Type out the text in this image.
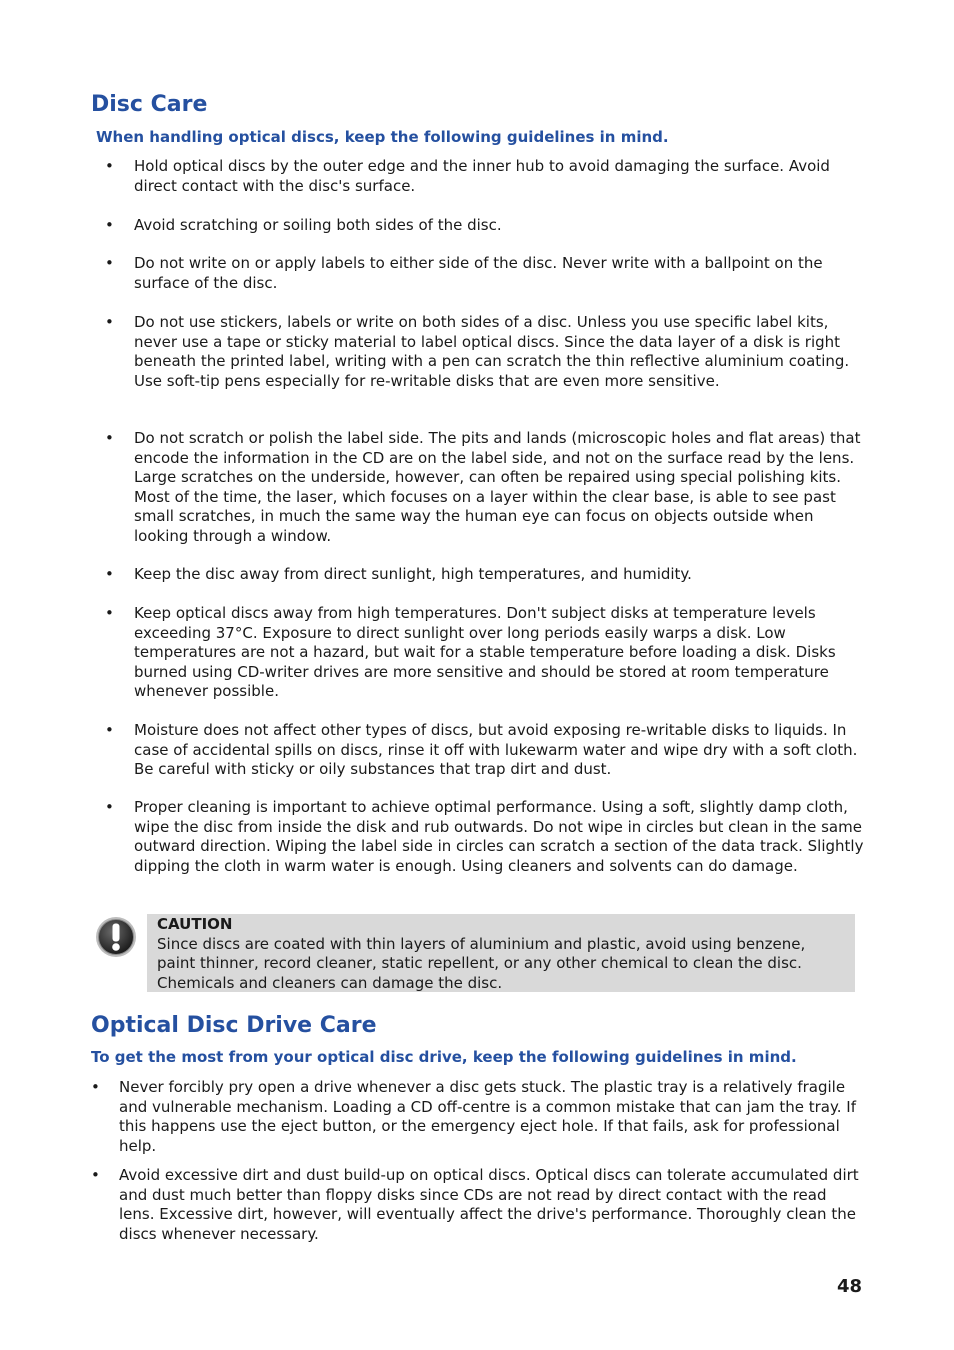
Disc Care

When handling optical discs, keep the following guidelines in mind.

• Hold optical discs by the outer edge and the inner hub to avoid damaging the surface. Avoid direct contact with the disc's surface.
• Avoid scratching or soiling both sides of the disc.
• Do not write on or apply labels to either side of the disc. Never write with a ballpoint on the surface of the disc.
• Do not use stickers, labels or write on both sides of a disc. Unless you use specific label kits, never use a tape or sticky material to label optical discs. Since the data layer of a disk is right beneath the printed label, writing with a pen can scratch the thin reflective aluminium coating. Use soft-tip pens especially for re-writable disks that are even more sensitive.
• Do not scratch or polish the label side. The pits and lands (microscopic holes and flat areas) that encode the information in the CD are on the label side, and not on the surface read by the lens. Large scratches on the underside, however, can often be repaired using special polishing kits. Most of the time, the laser, which focuses on a layer within the clear base, is able to see past small scratches, in much the same way the human eye can focus on objects outside when looking through a window.
• Keep the disc away from direct sunlight, high temperatures, and humidity.
• Keep optical discs away from high temperatures. Don't subject disks at temperature levels exceeding 37°C. Exposure to direct sunlight over long periods easily warps a disk. Low temperatures are not a hazard, but wait for a stable temperature before loading a disk. Disks burned using CD-writer drives are more sensitive and should be stored at room temperature whenever possible.
• Moisture does not affect other types of discs, but avoid exposing re-writable disks to liquids. In case of accidental spills on discs, rinse it off with lukewarm water and wipe dry with a soft cloth. Be careful with sticky or oily substances that trap dirt and dust.
• Proper cleaning is important to achieve optimal performance. Using a soft, slightly damp cloth, wipe the disc from inside the disk and rub outwards. Do not wipe in circles but clean in the same outward direction. Wiping the label side in circles can scratch a section of the data track. Slightly dipping the cloth in warm water is enough. Using cleaners and solvents can do damage.
CAUTION
Since discs are coated with thin layers of aluminium and plastic, avoid using benzene, paint thinner, record cleaner, static repellent, or any other chemical to clean the disc. Chemicals and cleaners can damage the disc.
Optical Disc Drive Care

To get the most from your optical disc drive, keep the following guidelines in mind.

• Never forcibly pry open a drive whenever a disc gets stuck. The plastic tray is a relatively fragile and vulnerable mechanism. Loading a CD off-centre is a common mistake that can jam the tray. If this happens use the eject button, or the emergency eject hole. If that fails, ask for professional help.
• Avoid excessive dirt and dust build-up on optical discs. Optical discs can tolerate accumulated dirt and dust much better than floppy disks since CDs are not read by direct contact with the read lens. Excessive dirt, however, will eventually affect the drive's performance. Thoroughly clean the discs whenever necessary.
48
